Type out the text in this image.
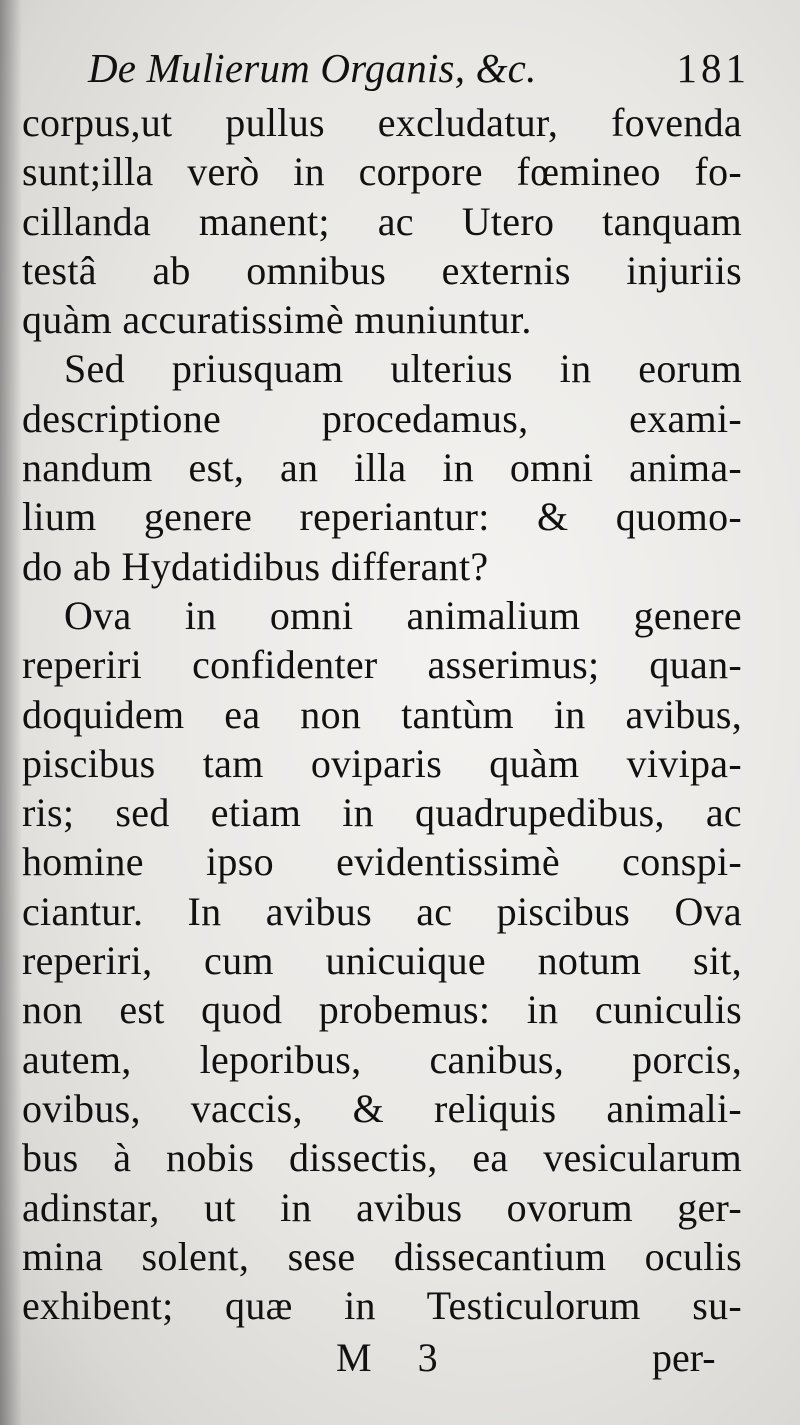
De Mulierum Organis, &c.	181
corpus,ut pullus excludatur, fovenda
sunt;illa verò in corpore fœmineo fo-
cillanda manent; ac Utero tanquam
testâ ab omnibus externis injuriis
quàm accuratissimè muniuntur.
Sed priusquam ulterius in eorum
descriptione procedamus, exami-
nandum est, an illa in omni anima-
lium genere reperiantur: & quomo-
do ab Hydatidibus differant?
Ova in omni animalium genere
reperiri confidenter asserimus; quan-
doquidem ea non tantùm in avibus,
piscibus tam oviparis quàm vivipa-
ris; sed etiam in quadrupedibus, ac
homine ipso evidentissimè conspi-
ciantur. In avibus ac piscibus Ova
reperiri, cum unicuique notum sit,
non est quod probemus: in cuniculis
autem, leporibus, canibus, porcis,
ovibus, vaccis, & reliquis animali-
bus à nobis dissectis, ea vesicularum
adinstar, ut in avibus ovorum ger-
mina solent, sese dissecantium oculis
exhibent; quæ in Testiculorum su-
M 3	per-
